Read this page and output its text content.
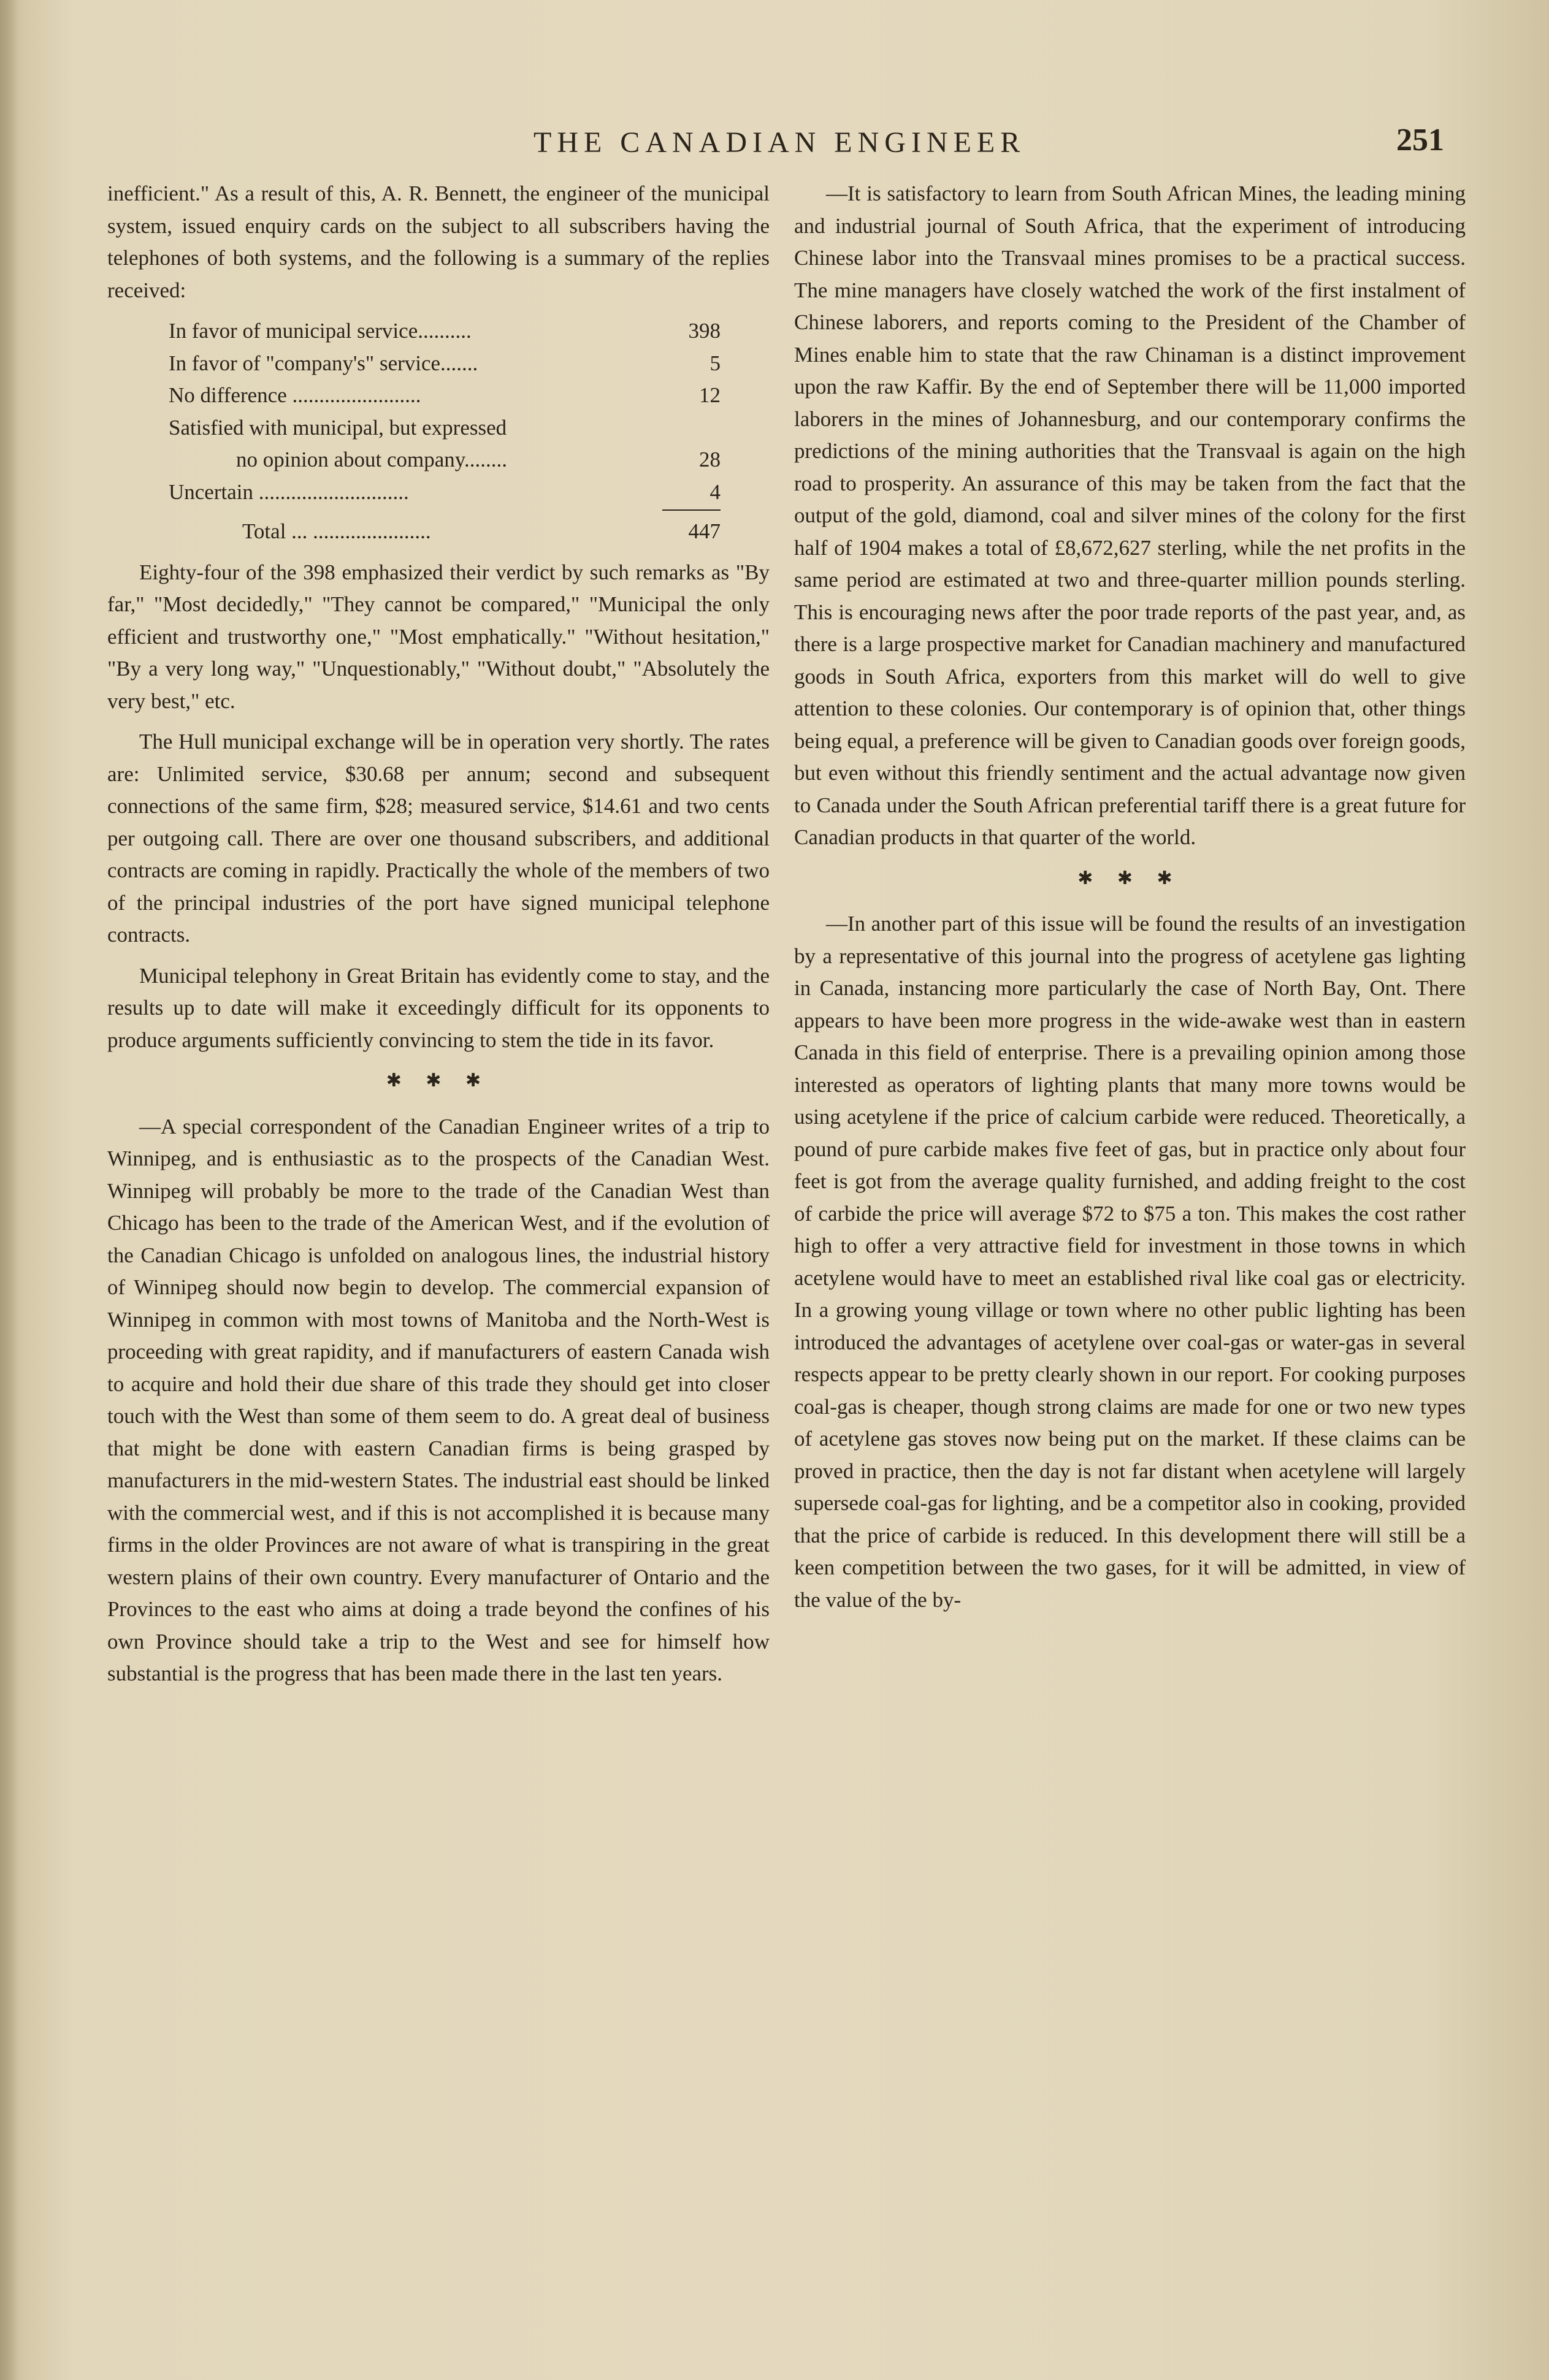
THE CANADIAN ENGINEER	251

inefficient." As a result of this, A. R. Bennett, the engineer of the municipal system, issued enquiry cards on the subject to all subscribers having the telephones of both systems, and the following is a summary of the replies received:

In favor of municipal service..........	398
In favor of "company's" service.......	5
No difference ........................	12
Satisfied with municipal, but expressed
no opinion about company........	28
Uncertain ............................	4
Total ... ......................	447

Eighty-four of the 398 emphasized their verdict by such remarks as "By far," "Most decidedly," "They cannot be compared," "Municipal the only efficient and trustworthy one," "Most emphatically." "Without hesitation," "By a very long way," "Unquestionably," "Without doubt," "Absolutely the very best," etc.

The Hull municipal exchange will be in operation very shortly. The rates are: Unlimited service, $30.68 per annum; second and subsequent connections of the same firm, $28; measured service, $14.61 and two cents per outgoing call. There are over one thousand subscribers, and additional contracts are coming in rapidly. Practically the whole of the members of two of the principal industries of the port have signed municipal telephone contracts.

Municipal telephony in Great Britain has evidently come to stay, and the results up to date will make it exceedingly difficult for its opponents to produce arguments sufficiently convincing to stem the tide in its favor.

✱ ✱ ✱

—A special correspondent of the Canadian Engineer writes of a trip to Winnipeg, and is enthusiastic as to the prospects of the Canadian West. Winnipeg will probably be more to the trade of the Canadian West than Chicago has been to the trade of the American West, and if the evolution of the Canadian Chicago is unfolded on analogous lines, the industrial history of Winnipeg should now begin to develop. The commercial expansion of Winnipeg in common with most towns of Manitoba and the North-West is proceeding with great rapidity, and if manufacturers of eastern Canada wish to acquire and hold their due share of this trade they should get into closer touch with the West than some of them seem to do. A great deal of business that might be done with eastern Canadian firms is being grasped by manufacturers in the mid-western States. The industrial east should be linked with the commercial west, and if this is not accomplished it is because many firms in the older Provinces are not aware of what is transpiring in the great western plains of their own country. Every manufacturer of Ontario and the Provinces to the east who aims at doing a trade beyond the confines of his own Province should take a trip to the West and see for himself how substantial is the progress that has been made there in the last ten years.

—It is satisfactory to learn from South African Mines, the leading mining and industrial journal of South Africa, that the experiment of introducing Chinese labor into the Transvaal mines promises to be a practical success. The mine managers have closely watched the work of the first instalment of Chinese laborers, and reports coming to the President of the Chamber of Mines enable him to state that the raw Chinaman is a distinct improvement upon the raw Kaffir. By the end of September there will be 11,000 imported laborers in the mines of Johannesburg, and our contemporary confirms the predictions of the mining authorities that the Transvaal is again on the high road to prosperity. An assurance of this may be taken from the fact that the output of the gold, diamond, coal and silver mines of the colony for the first half of 1904 makes a total of £8,672,627 sterling, while the net profits in the same period are estimated at two and three-quarter million pounds sterling. This is encouraging news after the poor trade reports of the past year, and, as there is a large prospective market for Canadian machinery and manufactured goods in South Africa, exporters from this market will do well to give attention to these colonies. Our contemporary is of opinion that, other things being equal, a preference will be given to Canadian goods over foreign goods, but even without this friendly sentiment and the actual advantage now given to Canada under the South African preferential tariff there is a great future for Canadian products in that quarter of the world.

✱ ✱ ✱

—In another part of this issue will be found the results of an investigation by a representative of this journal into the progress of acetylene gas lighting in Canada, instancing more particularly the case of North Bay, Ont. There appears to have been more progress in the wide-awake west than in eastern Canada in this field of enterprise. There is a prevailing opinion among those interested as operators of lighting plants that many more towns would be using acetylene if the price of calcium carbide were reduced. Theoretically, a pound of pure carbide makes five feet of gas, but in practice only about four feet is got from the average quality furnished, and adding freight to the cost of carbide the price will average $72 to $75 a ton. This makes the cost rather high to offer a very attractive field for investment in those towns in which acetylene would have to meet an established rival like coal gas or electricity. In a growing young village or town where no other public lighting has been introduced the advantages of acetylene over coal-gas or water-gas in several respects appear to be pretty clearly shown in our report. For cooking purposes coal-gas is cheaper, though strong claims are made for one or two new types of acetylene gas stoves now being put on the market. If these claims can be proved in practice, then the day is not far distant when acetylene will largely supersede coal-gas for lighting, and be a competitor also in cooking, provided that the price of carbide is reduced. In this development there will still be a keen competition between the two gases, for it will be admitted, in view of the value of the by-
